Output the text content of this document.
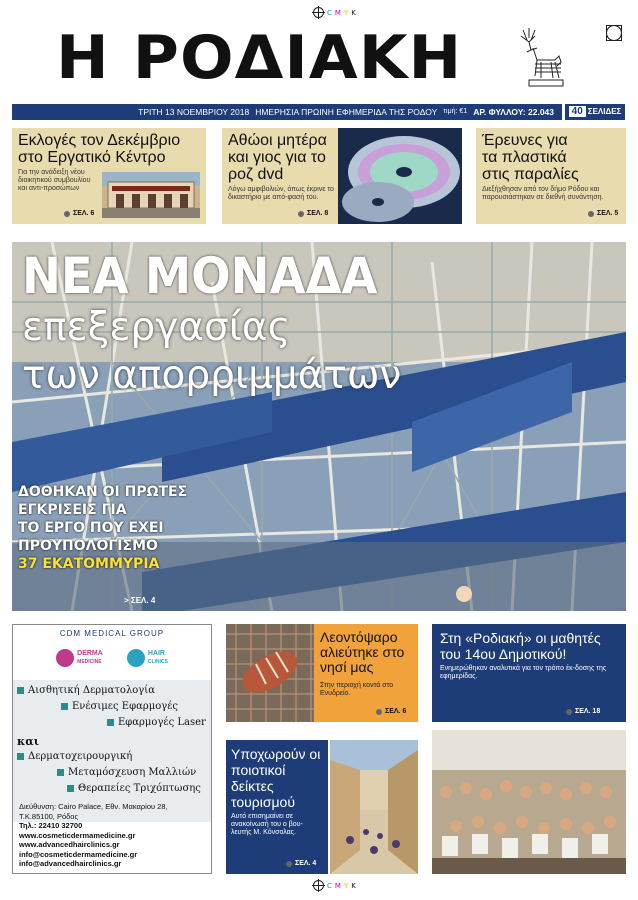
C M Y K
Η ΡΟΔΙΑΚΗ
ΤΡΙΤΗ 13 ΝΟΕΜΒΡΙΟΥ 2018 ΗΜΕΡΗΣΙΑ ΠΡΩΙΝΗ ΕΦΗΜΕΡΙΔΑ ΤΗΣ ΡΟΔΟΥ τιμή: €1 ΑΡ. ΦΥΛΛΟΥ: 22.043	40 ΣΕΛΙΔΕΣ
Εκλογές τον Δεκέμβριο στο Εργατικό Κέντρο

Για την ανάδειξη νέου διοικητικού συμβουλίου και αντι-προσώπων

ΣΕΛ. 6
Αθώοι μητέρα και γιος για το ροζ dvd

Λόγω αμφιβολιών, όπως έκρινε το δικαστήριο με από-φασή του.

ΣΕΛ. 8
Έρευνες για τα πλαστικά στις παραλίες

Διεξήχθησαν από τον δήμο Ρόδου και παρουσιάστηκαν σε διεθνή συνάντηση.

ΣΕΛ. 5
ΝΕΑ ΜΟΝΑΔΑ
επεξεργασίας
των απορριμμάτων
ΔΟΘΗΚΑΝ ΟΙ ΠΡΩΤΕΣ
ΕΓΚΡΙΣΕΙΣ ΓΙΑ
ΤΟ ΕΡΓΟ ΠΟΥ ΕΧΕΙ
ΠΡΟΥΠΟΛΟΓΙΣΜΟ
37 ΕΚΑΤΟΜΜΥΡΙΑ
> ΣΕΛ. 4
CDM MEDICAL GROUP
DERMA
MEDICINE
HAIR
CLINICS
Αισθητική Δερματολογία
Ενέσιμες Εφαρμογές
Εφαρμογές Laser
και
Δερματοχειρουργική
Μεταμόσχευση Μαλλιών
Θεραπείες Τριχόπτωσης
Διεύθυνση: Cairo Palace, Εθν. Μακαρίου 28,
Τ.Κ.85100, Ρόδος
Τηλ.: 22410 32700
www.cosmeticdermamedicine.gr
www.advancedhairclinics.gr
info@cosmeticdermamedicine.gr
info@advancedhairclinics.gr
Λεοντόψαρο αλιεύτηκε στο νησί μας

Στην περιοχή κοντά στο Ενυδρείο.

ΣΕΛ. 6
Στη «Ροδιακή» οι μαθητές του 14ου Δημοτικού!

Ενημερώθηκαν αναλυτικά για τον τρόπο έκ-δοσης της εφημερίδας.

ΣΕΛ. 18
Υποχωρούν οι ποιοτικοί δείκτες τουρισμού

Αυτό επισημαίνει σε ανακοίνωσή του ο βου-λευτής Μ. Κόνσολας.

ΣΕΛ. 4
C M Y K
